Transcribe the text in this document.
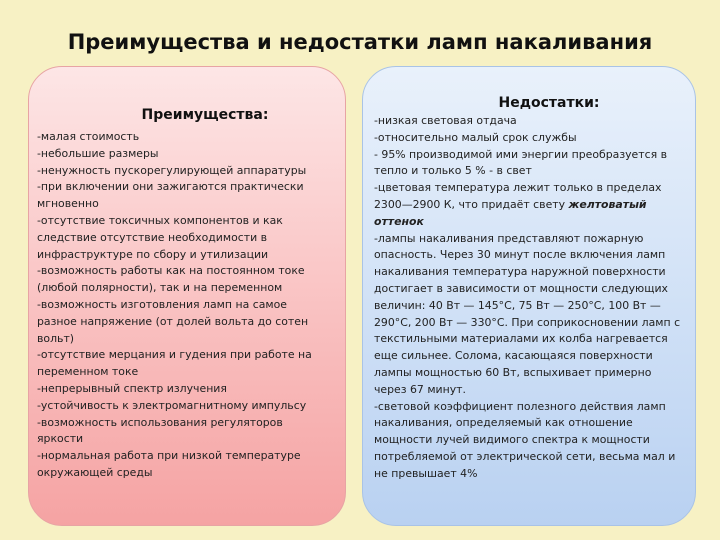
Преимущества и недостатки ламп накаливания
Преимущества:
-малая стоимость
-небольшие размеры
-ненужность пускорегулирующей аппаратуры
-при включении они зажигаются практически мгновенно
-отсутствие токсичных компонентов и как следствие отсутствие необходимости в инфраструктуре по сбору и утилизации
-возможность работы как на постоянном токе (любой полярности), так и на переменном
-возможность изготовления ламп на самое разное напряжение (от долей вольта до сотен вольт)
-отсутствие мерцания и гудения при работе на переменном токе
-непрерывный спектр излучения
-устойчивость к электромагнитному импульсу
-возможность использования регуляторов яркости
-нормальная работа при низкой температуре окружающей среды
Недостатки:
-низкая световая отдача
-относительно малый срок службы
- 95% производимой ими энергии преобразуется в тепло и только 5 % - в свет
-цветовая температура лежит только в пределах 2300—2900 К, что придаёт свету желтоватый оттенок
-лампы накаливания представляют пожарную опасность. Через 30 минут после включения ламп накаливания температура наружной поверхности достигает в зависимости от мощности следующих величин: 40 Вт — 145°С, 75 Вт — 250°С, 100 Вт — 290°С, 200 Вт — 330°С. При соприкосновении ламп с текстильными материалами их колба нагревается еще сильнее. Солома, касающаяся поверхности лампы мощностью 60 Вт, вспыхивает примерно через 67 минут.
-световой коэффициент полезного действия ламп накаливания, определяемый как отношение мощности лучей видимого спектра к мощности потребляемой от электрической сети, весьма мал и не превышает 4%
